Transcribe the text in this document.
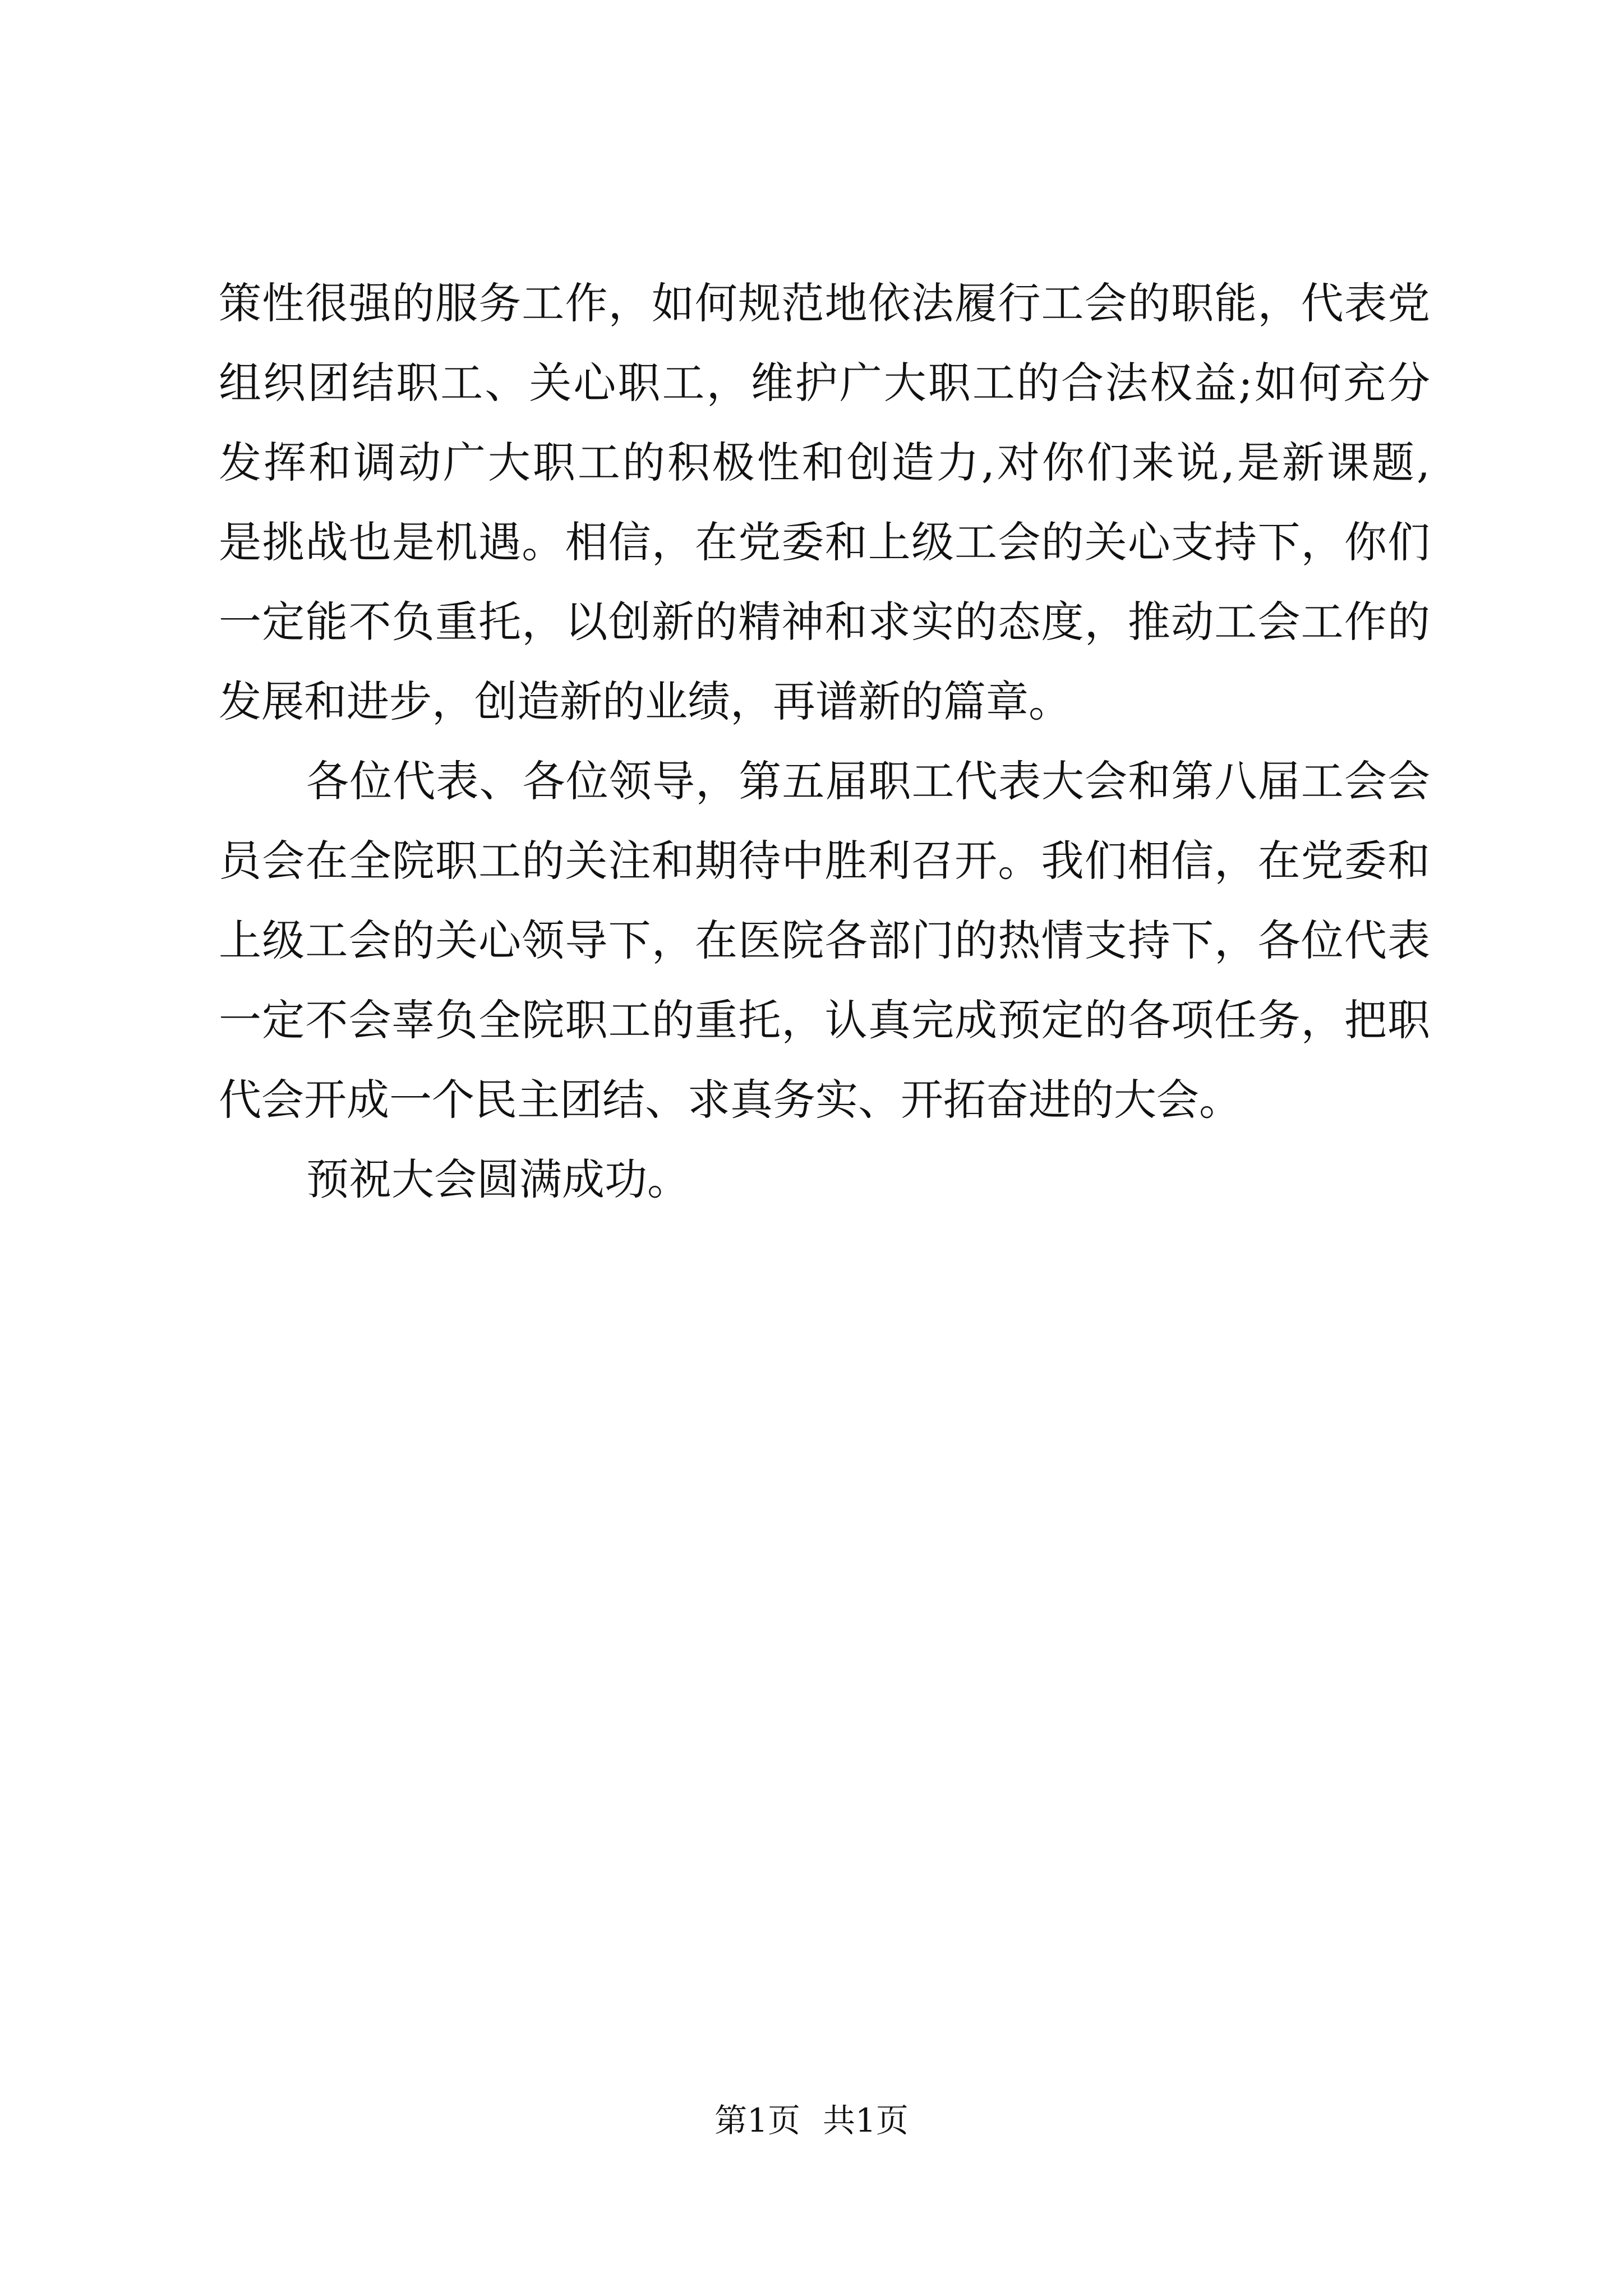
策性很强的服务工作，如何规范地依法履行工会的职能，代表党
组织团结职工、关心职工，维护广大职工的合法权益;如何充分
发挥和调动广大职工的积极性和创造力,对你们来说,是新课题,
是挑战也是机遇。相信，在党委和上级工会的关心支持下，你们
一定能不负重托，以创新的精神和求实的态度，推动工会工作的
发展和进步，创造新的业绩，再谱新的篇章。
各位代表、各位领导，第五届职工代表大会和第八届工会会
员会在全院职工的关注和期待中胜利召开。我们相信，在党委和
上级工会的关心领导下，在医院各部门的热情支持下，各位代表
一定不会辜负全院职工的重托，认真完成预定的各项任务，把职
代会开成一个民主团结、求真务实、开拓奋进的大会。
预祝大会圆满成功。
第1页 共1页
